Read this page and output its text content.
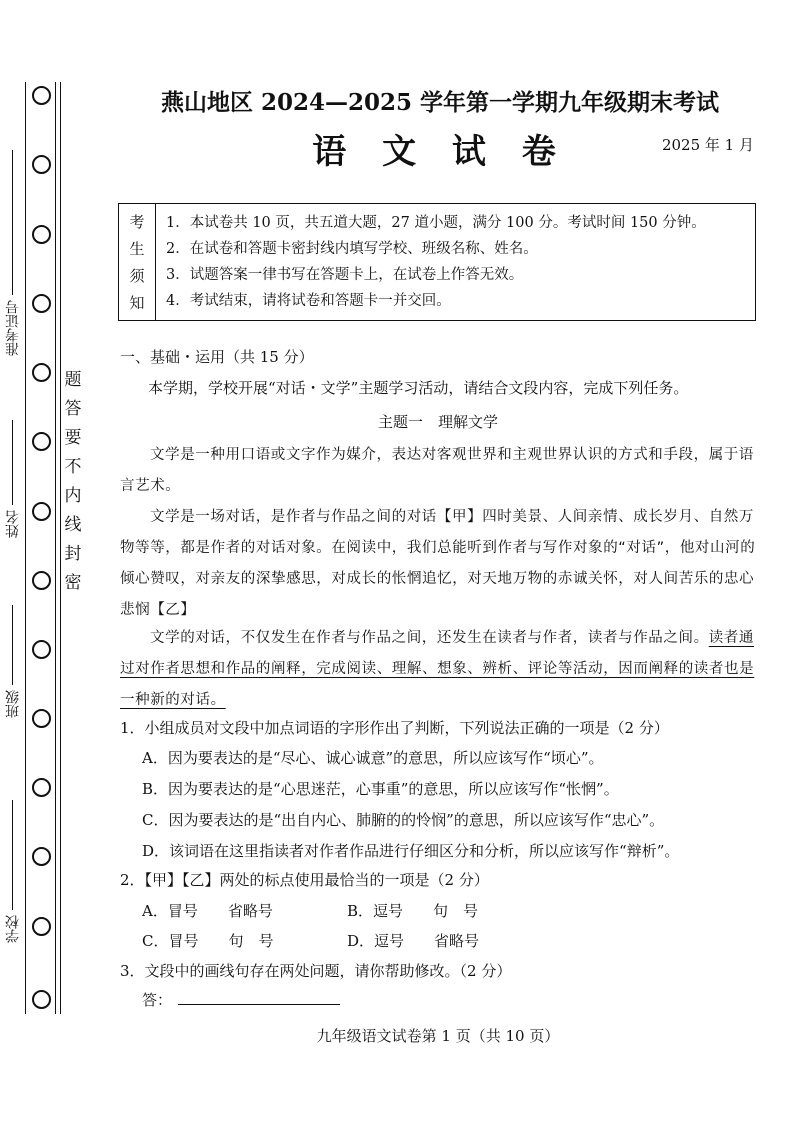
准考证号
姓名
班级
学校
题
答
要
不
内
线
封
密
燕山地区 2024—2025 学年第一学期九年级期末考试
语 文 试 卷	2025 年 1 月
考
生
须
知
1．本试卷共 10 页，共五道大题，27 道小题，满分 100 分。考试时间 150 分钟。
2．在试卷和答题卡密封线内填写学校、班级名称、姓名。
3．试题答案一律书写在答题卡上，在试卷上作答无效。
4．考试结束，请将试卷和答题卡一并交回。
一、基础・运用（共 15 分）
本学期，学校开展“对话・文学”主题学习活动，请结合文段内容，完成下列任务。
主题一　理解文学
文学是一种用口语或文字作为媒介，表达对客观世界和主观世界认识的方式和手段，属于语言艺术。
文学是一场对话，是作者与作品之间的对话【甲】四时美景、人间亲情、成长岁月、自然万物等等，都是作者的对话对象。在阅读中，我们总能听到作者与写作对象的“对话”，他对山河的倾心赞叹，对亲友的深挚感思，对成长的怅惘追忆，对天地万物的赤诚关怀，对人间苦乐的忠心悲悯【乙】
文学的对话，不仅发生在作者与作品之间，还发生在读者与作者，读者与作品之间。读者通过对作者思想和作品的阐释，完成阅读、理解、想象、辨析、评论等活动，因而阐释的读者也是一种新的对话。
1．小组成员对文段中加点词语的字形作出了判断，下列说法正确的一项是（2 分）
A．因为要表达的是“尽心、诚心诚意”的意思，所以应该写作“顷心”。
B．因为要表达的是“心思迷茫，心事重”的意思，所以应该写作“怅惘”。
C．因为要表达的是“出自内心、肺腑的的怜悯”的意思，所以应该写作“忠心”。
D．该词语在这里指读者对作者作品进行仔细区分和分析，所以应该写作“辩析”。
2．【甲】【乙】两处的标点使用最恰当的一项是（2 分）
A．冒号　　省略号	B．逗号　　句　号
C．冒号　　句　号	D．逗号　　省略号
3．文段中的画线句存在两处问题，请你帮助修改。（2 分）
答：
九年级语文试卷第 1 页（共 10 页）
